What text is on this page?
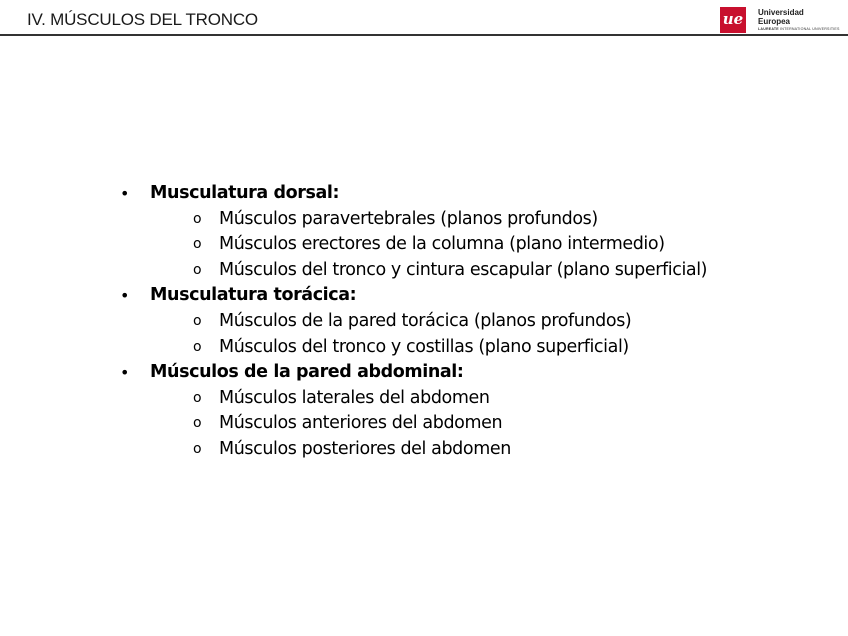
IV. MÚSCULOS DEL TRONCO	ue	Universidad
Europea
LAUREATE INTERNATIONAL UNIVERSITIES
• Musculatura dorsal:
o Músculos paravertebrales (planos profundos)
o Músculos erectores de la columna (plano intermedio)
o Músculos del tronco y cintura escapular (plano superficial)
• Musculatura torácica:
o Músculos de la pared torácica (planos profundos)
o Músculos del tronco y costillas (plano superficial)
• Músculos de la pared abdominal:
o Músculos laterales del abdomen
o Músculos anteriores del abdomen
o Músculos posteriores del abdomen
